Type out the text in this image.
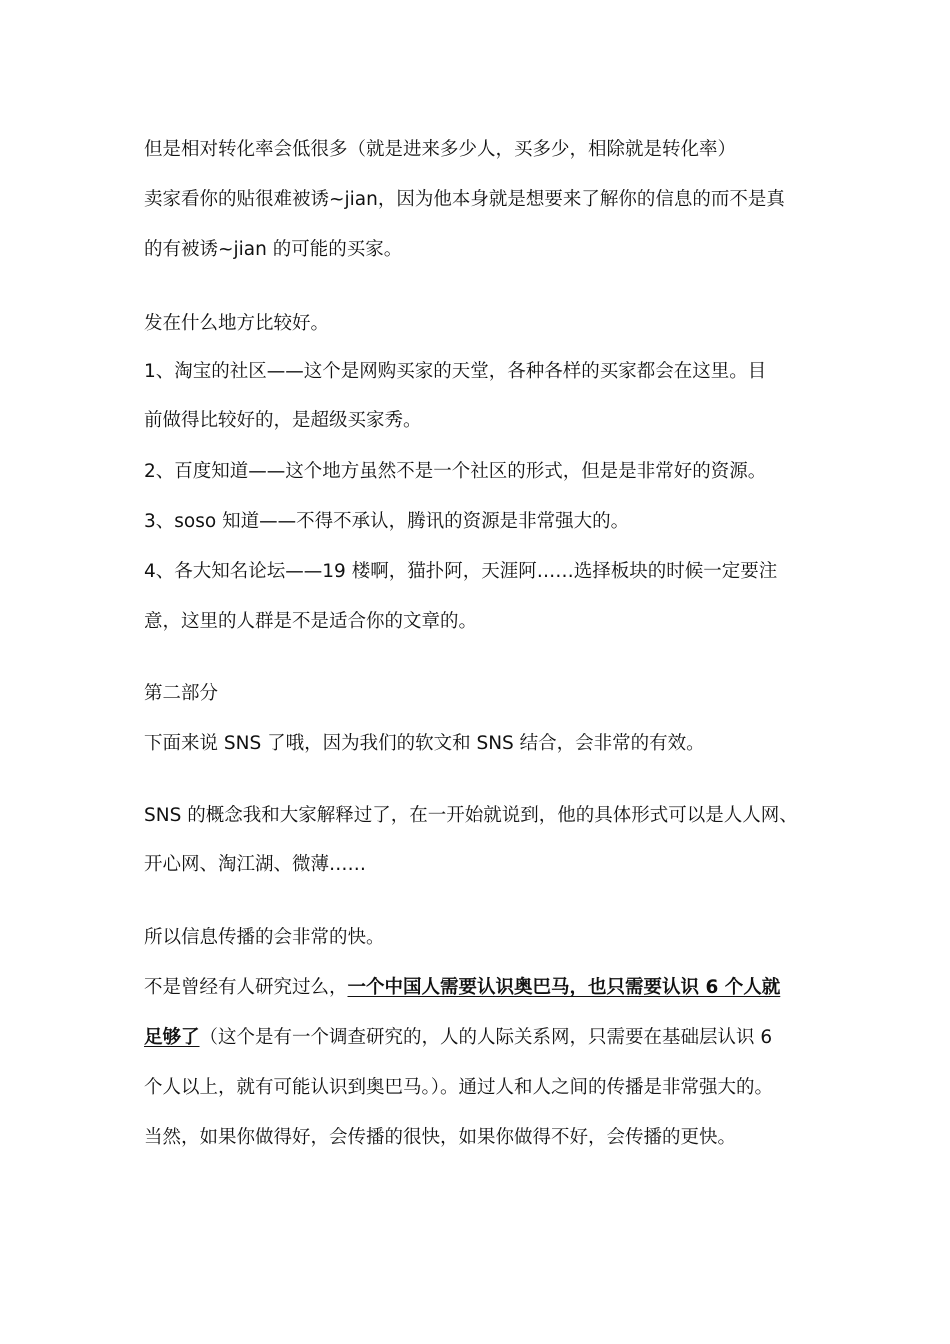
但是相对转化率会低很多（就是进来多少人，买多少，相除就是转化率）
卖家看你的贴很难被诱~jian，因为他本身就是想要来了解你的信息的而不是真
的有被诱~jian 的可能的买家。
发在什么地方比较好。
1、淘宝的社区——这个是网购买家的天堂，各种各样的买家都会在这里。目
前做得比较好的，是超级买家秀。
2、百度知道——这个地方虽然不是一个社区的形式，但是是非常好的资源。
3、soso 知道——不得不承认，腾讯的资源是非常强大的。
4、各大知名论坛——19 楼啊，猫扑阿，天涯阿……选择板块的时候一定要注
意，这里的人群是不是适合你的文章的。
第二部分
下面来说 SNS 了哦，因为我们的软文和 SNS 结合，会非常的有效。
SNS 的概念我和大家解释过了，在一开始就说到，他的具体形式可以是人人网、
开心网、淘江湖、微薄……
所以信息传播的会非常的快。
不是曾经有人研究过么，一个中国人需要认识奥巴马，也只需要认识 6 个人就
足够了（这个是有一个调查研究的，人的人际关系网，只需要在基础层认识 6
个人以上，就有可能认识到奥巴马。）。通过人和人之间的传播是非常强大的。
当然，如果你做得好，会传播的很快，如果你做得不好，会传播的更快。
